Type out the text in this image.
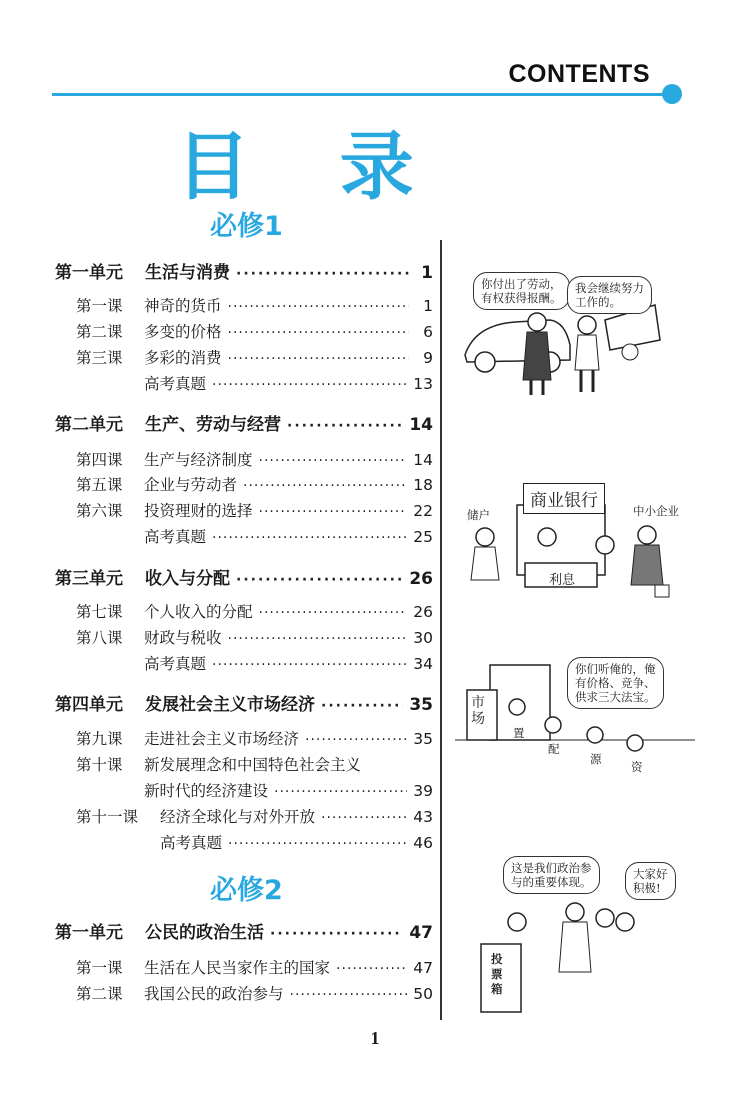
CONTENTS
目 录
必修1
第一单元	生活与消费 ·····	1
第一课	神奇的货币 ·····	1
第二课	多变的价格 ·····	6
第三课	多彩的消费 ·····	9
高考真题 ·····	13
第二单元	生产、劳动与经营 ·····	14
第四课	生产与经济制度 ·····	14
第五课	企业与劳动者 ·····	18
第六课	投资理财的选择 ·····	22
高考真题 ·····	25
第三单元	收入与分配 ·····	26
第七课	个人收入的分配 ·····	26
第八课	财政与税收 ·····	30
高考真题 ·····	34
第四单元	发展社会主义市场经济 ·····	35
第九课	走进社会主义市场经济 ·····	35
第十课	新发展理念和中国特色社会主义
新时代的经济建设 ·····	39
第十一课	经济全球化与对外开放 ·····	43
高考真题 ·····	46
必修2
第一单元	公民的政治生活 ·····	47
第一课	生活在人民当家作主的国家 ·····	47
第二课	我国公民的政治参与 ·····	50
你付出了劳动，
有权获得报酬。
我会继续努力
工作的。
商业银行
储户	中小企业
利息
你们听俺的，俺
有价格、竞争、
供求三大法宝。
市场
置
配
源
资
这是我们政治参
与的重要体现。
大家好
积极!
投票箱
1
